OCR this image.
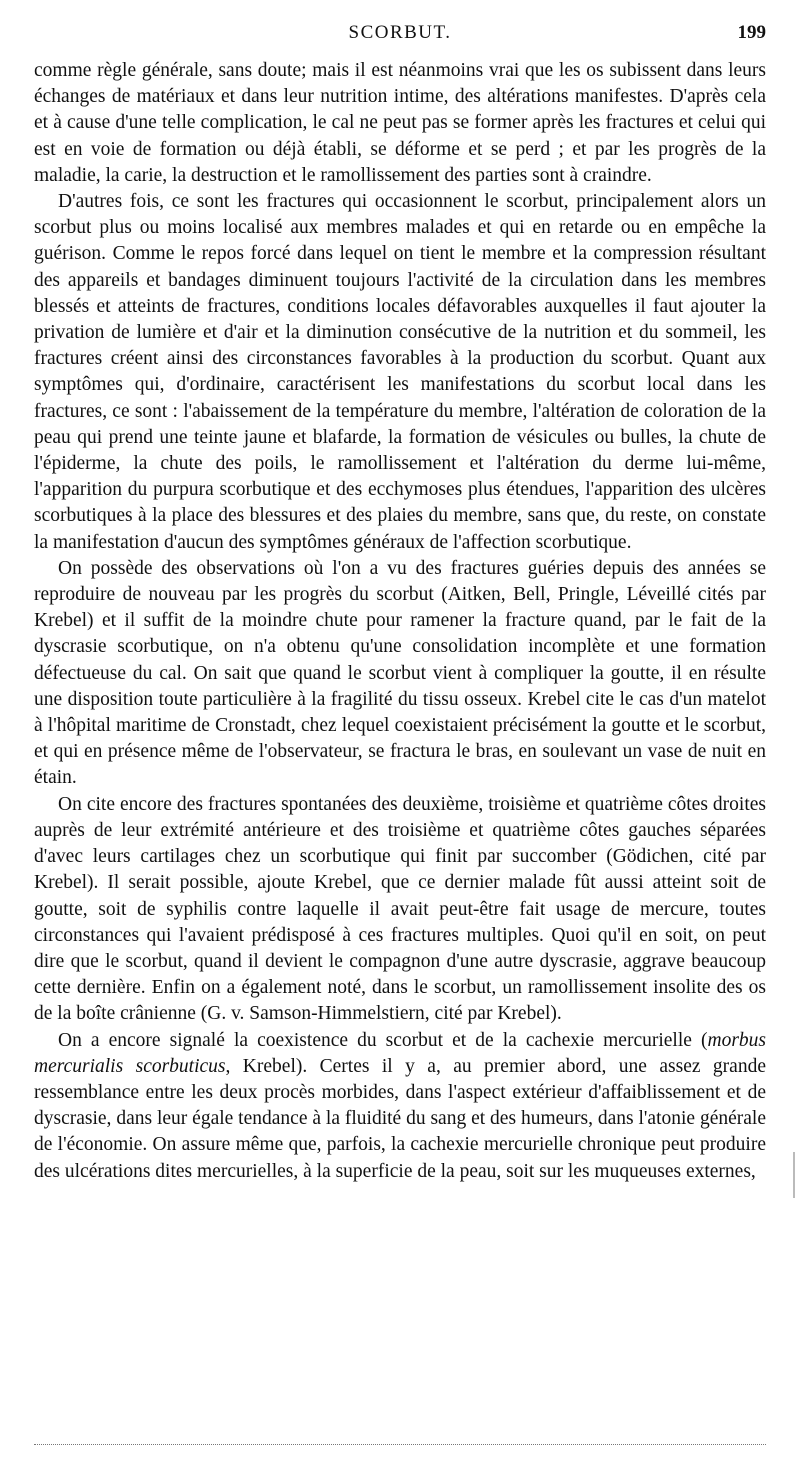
SCORBUT.	199

comme règle générale, sans doute; mais il est néanmoins vrai que les os subissent dans leurs échanges de matériaux et dans leur nutrition intime, des altérations manifestes. D'après cela et à cause d'une telle complication, le cal ne peut pas se former après les fractures et celui qui est en voie de formation ou déjà établi, se déforme et se perd ; et par les progrès de la maladie, la carie, la destruction et le ramollissement des parties sont à craindre.

D'autres fois, ce sont les fractures qui occasionnent le scorbut, principalement alors un scorbut plus ou moins localisé aux membres malades et qui en retarde ou en empêche la guérison. Comme le repos forcé dans lequel on tient le membre et la compression résultant des appareils et bandages diminuent toujours l'activité de la circulation dans les membres blessés et atteints de fractures, conditions locales défavorables auxquelles il faut ajouter la privation de lumière et d'air et la diminution consécutive de la nutrition et du sommeil, les fractures créent ainsi des circonstances favorables à la production du scorbut. Quant aux symptômes qui, d'ordinaire, caractérisent les manifestations du scorbut local dans les fractures, ce sont : l'abaissement de la température du membre, l'altération de coloration de la peau qui prend une teinte jaune et blafarde, la formation de vésicules ou bulles, la chute de l'épiderme, la chute des poils, le ramollissement et l'altération du derme lui-même, l'apparition du purpura scorbutique et des ecchymoses plus étendues, l'apparition des ulcères scorbutiques à la place des blessures et des plaies du membre, sans que, du reste, on constate la manifestation d'aucun des symptômes généraux de l'affection scorbutique.

On possède des observations où l'on a vu des fractures guéries depuis des années se reproduire de nouveau par les progrès du scorbut (Aitken, Bell, Pringle, Léveillé cités par Krebel) et il suffit de la moindre chute pour ramener la fracture quand, par le fait de la dyscrasie scorbutique, on n'a obtenu qu'une consolidation incomplète et une formation défectueuse du cal. On sait que quand le scorbut vient à compliquer la goutte, il en résulte une disposition toute particulière à la fragilité du tissu osseux. Krebel cite le cas d'un matelot à l'hôpital maritime de Cronstadt, chez lequel coexistaient précisément la goutte et le scorbut, et qui en présence même de l'observateur, se fractura le bras, en soulevant un vase de nuit en étain.

On cite encore des fractures spontanées des deuxième, troisième et quatrième côtes droites auprès de leur extrémité antérieure et des troisième et quatrième côtes gauches séparées d'avec leurs cartilages chez un scorbutique qui finit par succomber (Gödichen, cité par Krebel). Il serait possible, ajoute Krebel, que ce dernier malade fût aussi atteint soit de goutte, soit de syphilis contre laquelle il avait peut-être fait usage de mercure, toutes circonstances qui l'avaient prédisposé à ces fractures multiples. Quoi qu'il en soit, on peut dire que le scorbut, quand il devient le compagnon d'une autre dyscrasie, aggrave beaucoup cette dernière. Enfin on a également noté, dans le scorbut, un ramollissement insolite des os de la boîte crânienne (G. v. Samson-Himmelstiern, cité par Krebel).

On a encore signalé la coexistence du scorbut et de la cachexie mercurielle (morbus mercurialis scorbuticus, Krebel). Certes il y a, au premier abord, une assez grande ressemblance entre les deux procès morbides, dans l'aspect extérieur d'affaiblissement et de dyscrasie, dans leur égale tendance à la fluidité du sang et des humeurs, dans l'atonie générale de l'économie. On assure même que, parfois, la cachexie mercurielle chronique peut produire des ulcérations dites mercurielles, à la superficie de la peau, soit sur les muqueuses externes,
